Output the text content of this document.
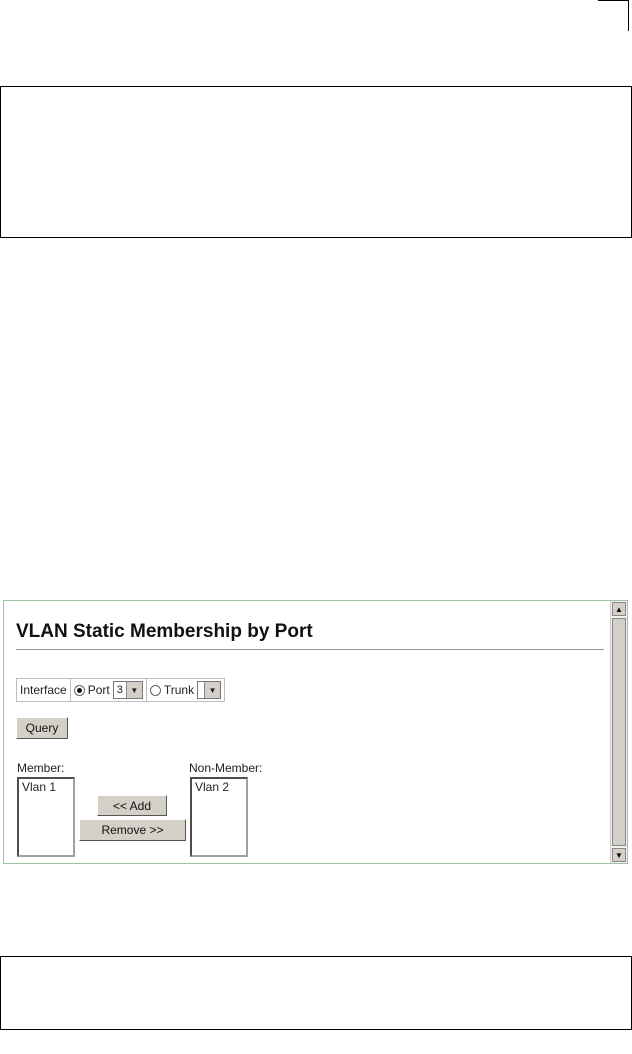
VLAN Static Membership by Port
Interface	Port 3 ▼ Trunk	▼
Query
Member:
Vlan 1
<< Add
Remove >>
Non-Member:
Vlan 2
▲
▼
